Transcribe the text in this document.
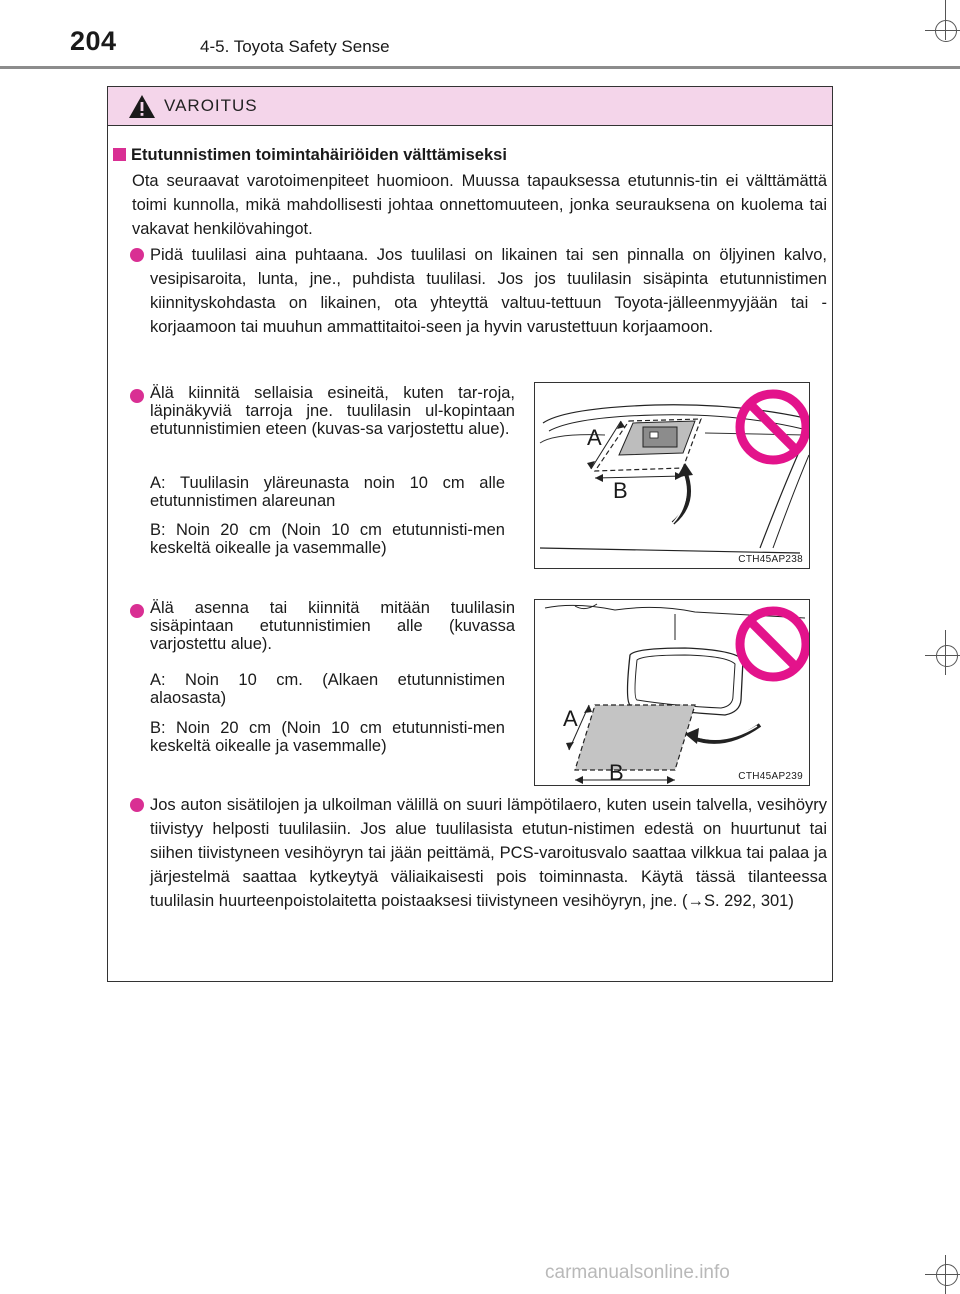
204	4-5. Toyota Safety Sense
VAROITUS
Etutunnistimen toimintahäiriöiden välttämiseksi
Ota seuraavat varotoimenpiteet huomioon. Muussa tapauksessa etutunnis-tin ei välttämättä toimi kunnolla, mikä mahdollisesti johtaa onnettomuuteen, jonka seurauksena on kuolema tai vakavat henkilövahingot.
Pidä tuulilasi aina puhtaana. Jos tuulilasi on likainen tai sen pinnalla on öljyinen kalvo, vesipisaroita, lunta, jne., puhdista tuulilasi. Jos jos tuulilasin sisäpinta etutunnistimen kiinnityskohdasta on likainen, ota yhteyttä valtuu-tettuun Toyota-jälleenmyyjään tai -korjaamoon tai muuhun ammattitaitoi-seen ja hyvin varustettuun korjaamoon.
Älä kiinnitä sellaisia esineitä, kuten tar-roja, läpinäkyviä tarroja jne. tuulilasin ul-kopintaan etutunnistimien eteen (kuvas-sa varjostettu alue).
A: Tuulilasin yläreunasta noin 10 cm alle etutunnistimen alareunan
B: Noin 20 cm (Noin 10 cm etutunnisti-men keskeltä oikealle ja vasemmalle)
A
B
CTH45AP238
Älä asenna tai kiinnitä mitään tuulilasin sisäpintaan etutunnistimien alle (kuvassa varjostettu alue).
A: Noin 10 cm. (Alkaen etutunnistimen alaosasta)
B: Noin 20 cm (Noin 10 cm etutunnisti-men keskeltä oikealle ja vasemmalle)
A
B	CTH45AP239
Jos auton sisätilojen ja ulkoilman välillä on suuri lämpötilaero, kuten usein talvella, vesihöyry tiivistyy helposti tuulilasiin. Jos alue tuulilasista etutun-nistimen edestä on huurtunut tai siihen tiivistyneen vesihöyryn tai jään peittämä, PCS-varoitusvalo saattaa vilkkua tai palaa ja järjestelmä saattaa kytkeytyä väliaikaisesti pois toiminnasta. Käytä tässä tilanteessa tuulilasin huurteenpoistolaitetta poistaaksesi tiivistyneen vesihöyryn, jne. (→S. 292, 301)
carmanualsonline.info
